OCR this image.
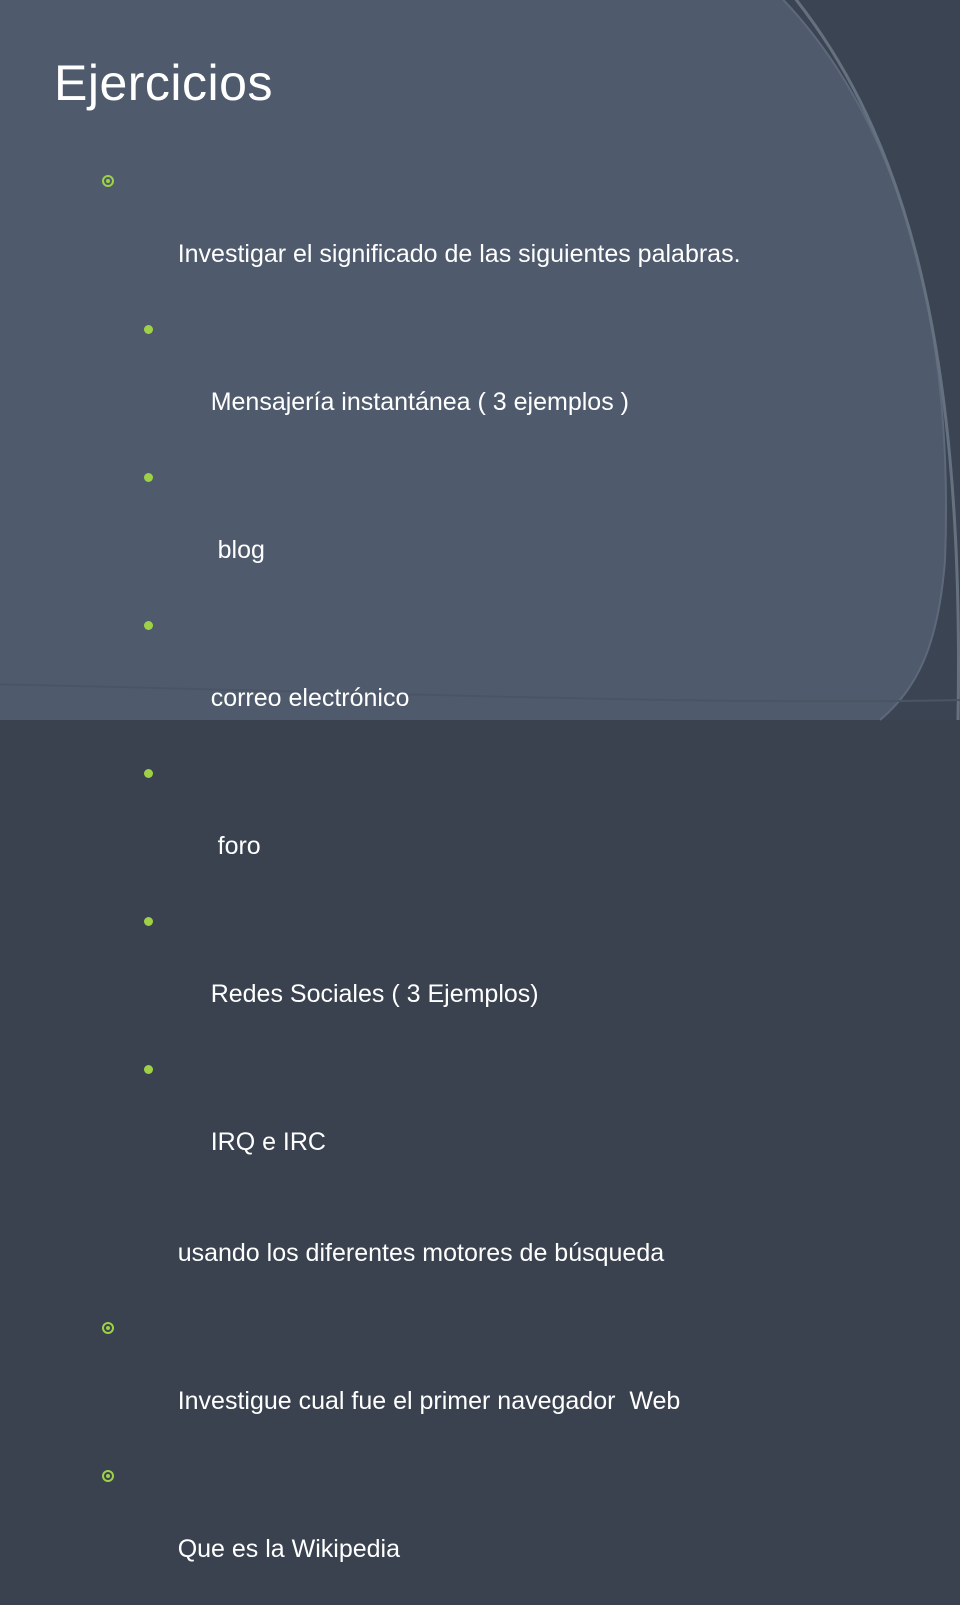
Ejercicios

Investigar el significado de las siguientes palabras.

Mensajería instantánea ( 3 ejemplos )

blog

correo electrónico

foro

Redes Sociales ( 3 Ejemplos)

IRQ e IRC

usando los diferentes motores de búsqueda

Investigue cual fue el primer navegador  Web

Que es la Wikipedia
